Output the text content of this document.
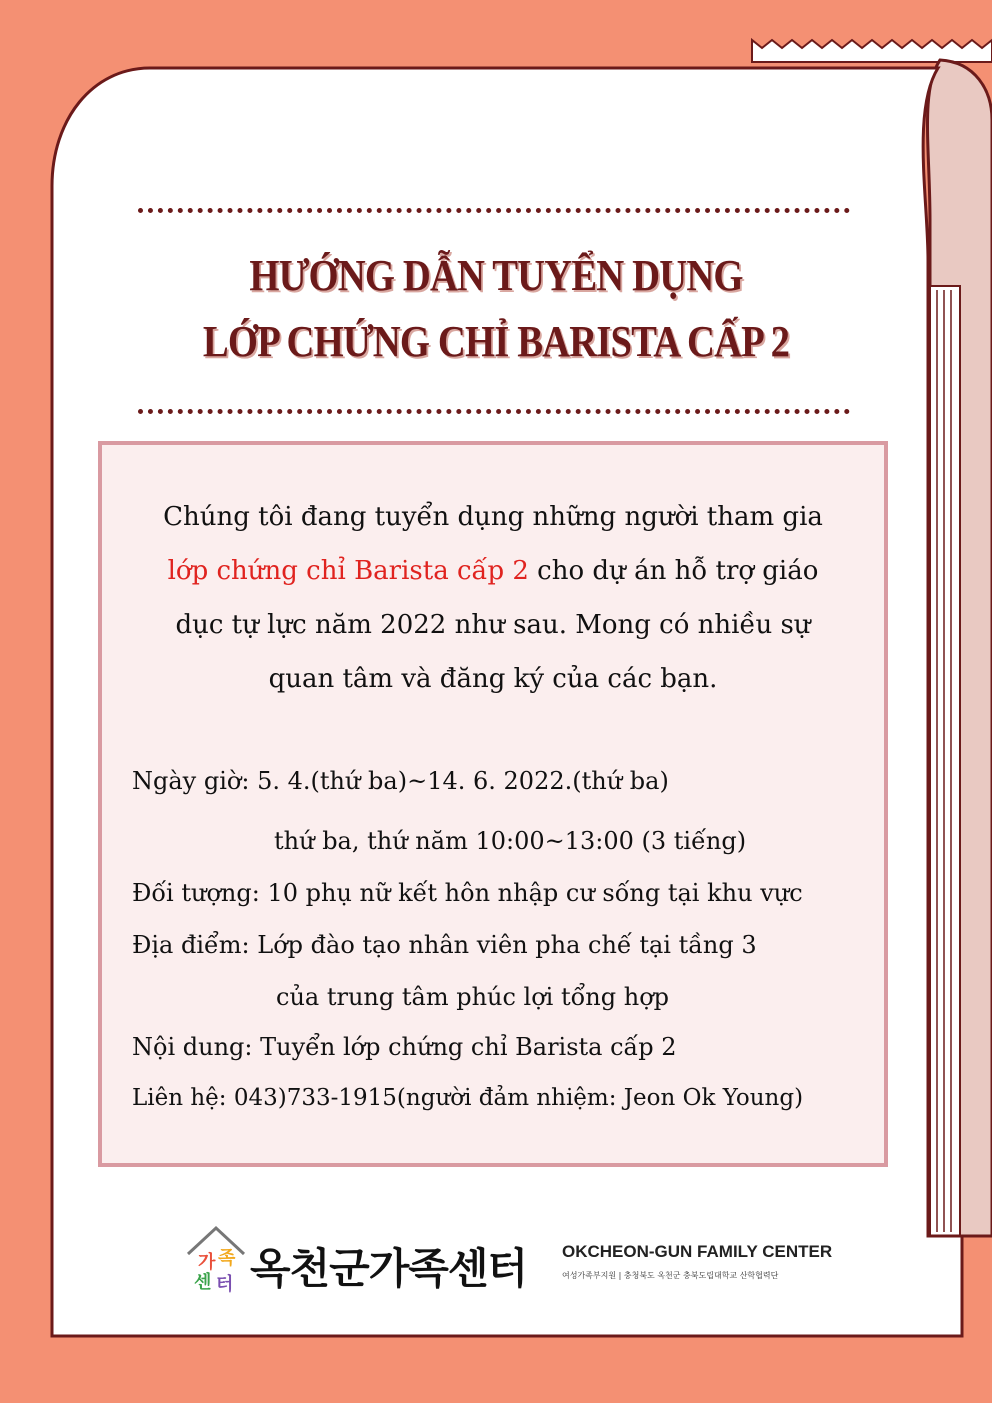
HƯỚNG DẪN TUYỂN DỤNG
LỚP CHỨNG CHỈ BARISTA CẤP 2
Chúng tôi đang tuyển dụng những người tham gia lớp chứng chỉ Barista cấp 2 cho dự án hỗ trợ giáo dục tự lực năm 2022 như sau. Mong có nhiều sự quan tâm và đăng ký của các bạn.
Ngày giờ: 5. 4.(thứ ba)~14. 6. 2022.(thứ ba)
thứ ba, thứ năm 10:00~13:00 (3 tiếng)
Đối tượng: 10 phụ nữ kết hôn nhập cư sống tại khu vực
Địa điểm: Lớp đào tạo nhân viên pha chế tại tầng 3
của trung tâm phúc lợi tổng hợp
Nội dung: Tuyển lớp chứng chỉ Barista cấp 2
Liên hệ: 043)733-1915(người đảm nhiệm: Jeon Ok Young)
가 족
센 터 옥천군가족센터 OKCHEON-GUN FAMILY CENTER
여성가족부지원 | 충청북도 옥천군 충북도립대학교 산학협력단
